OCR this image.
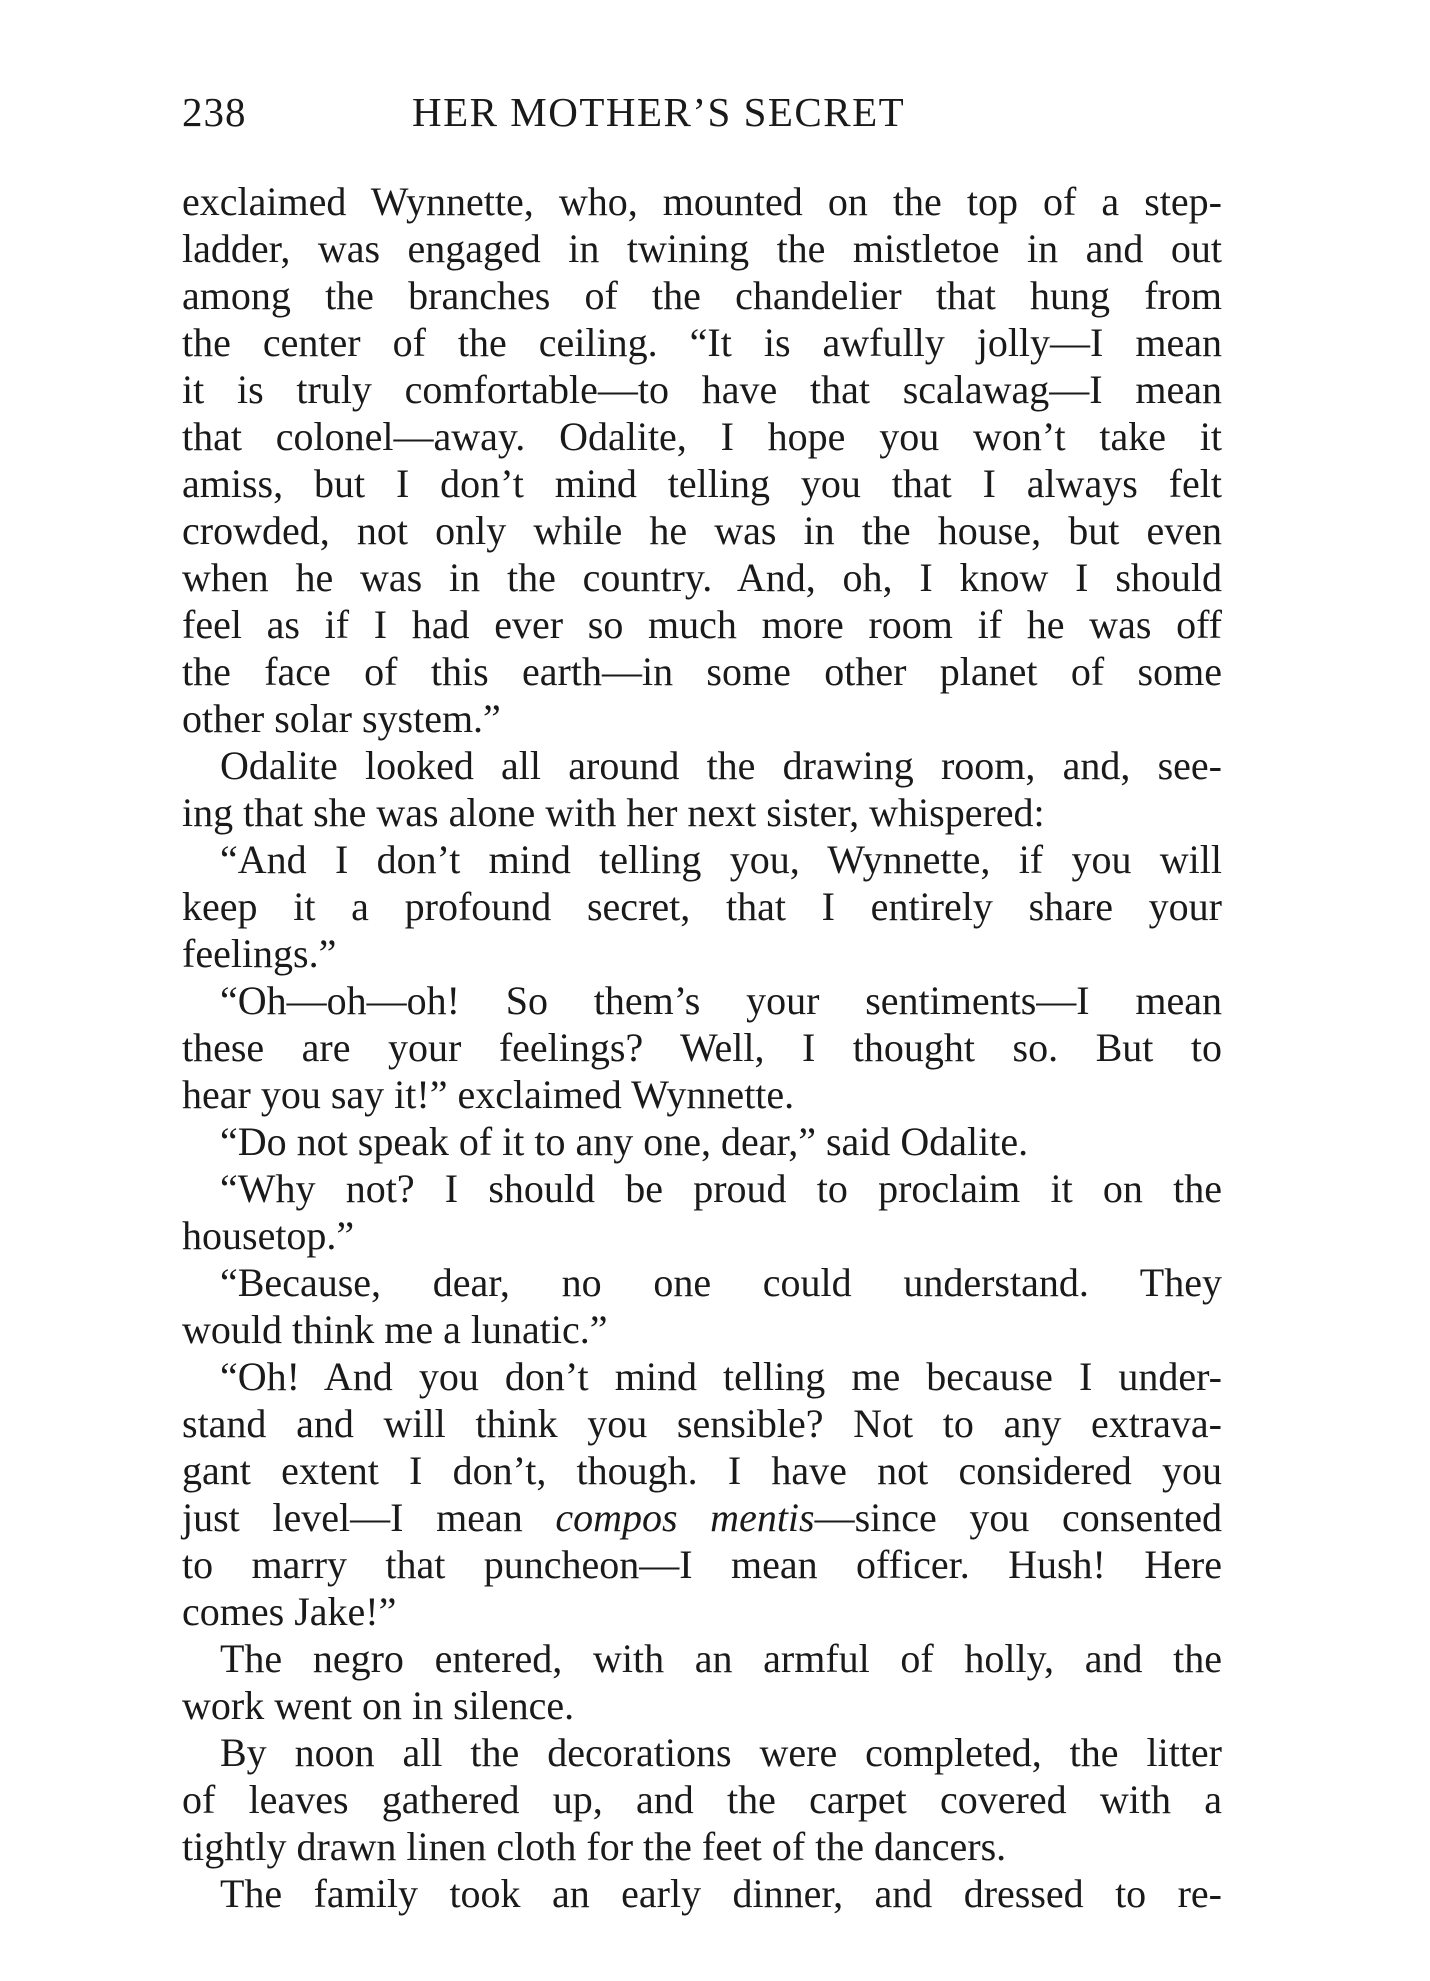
238	HER MOTHER’S SECRET
exclaimed Wynnette, who, mounted on the top of a step-
ladder, was engaged in twining the mistletoe in and out
among the branches of the chandelier that hung from
the center of the ceiling. “It is awfully jolly—I mean
it is truly comfortable—to have that scalawag—I mean
that colonel—away. Odalite, I hope you won’t take it
amiss, but I don’t mind telling you that I always felt
crowded, not only while he was in the house, but even
when he was in the country. And, oh, I know I should
feel as if I had ever so much more room if he was off
the face of this earth—in some other planet of some
other solar system.”
Odalite looked all around the drawing room, and, see-
ing that she was alone with her next sister, whispered:
“And I don’t mind telling you, Wynnette, if you will
keep it a profound secret, that I entirely share your
feelings.”
“Oh—oh—oh! So them’s your sentiments—I mean
these are your feelings? Well, I thought so. But to
hear you say it!” exclaimed Wynnette.
“Do not speak of it to any one, dear,” said Odalite.
“Why not? I should be proud to proclaim it on the
housetop.”
“Because, dear, no one could understand. They
would think me a lunatic.”
“Oh! And you don’t mind telling me because I under-
stand and will think you sensible? Not to any extrava-
gant extent I don’t, though. I have not considered you
just level—I mean compos mentis—since you consented
to marry that puncheon—I mean officer. Hush! Here
comes Jake!”
The negro entered, with an armful of holly, and the
work went on in silence.
By noon all the decorations were completed, the litter
of leaves gathered up, and the carpet covered with a
tightly drawn linen cloth for the feet of the dancers.
The family took an early dinner, and dressed to re-
